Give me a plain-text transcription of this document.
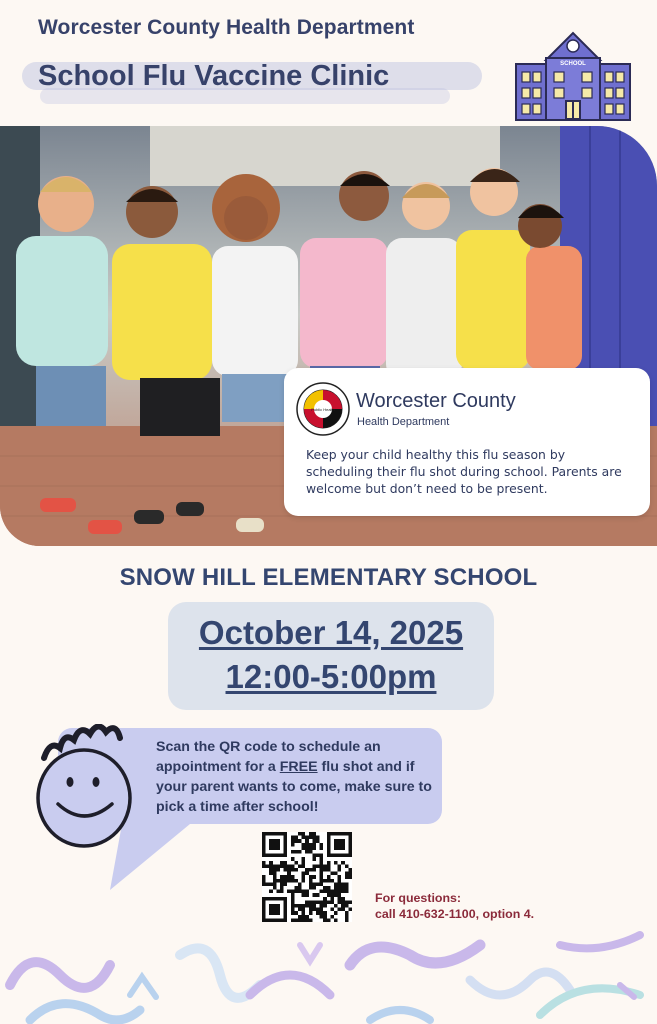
Worcester County Health Department
School Flu Vaccine Clinic	SCHOOL
Public Health Worcester County
Health Department
Keep your child healthy this flu season by scheduling their flu shot during school. Parents are welcome but don’t need to be present.
SNOW HILL ELEMENTARY SCHOOL
October 14, 2025
12:00-5:00pm
Scan the QR code to schedule an appointment for a FREE flu shot and if your parent wants to come, make sure to pick a time after school!
For questions:
call 410-632-1100, option 4.
